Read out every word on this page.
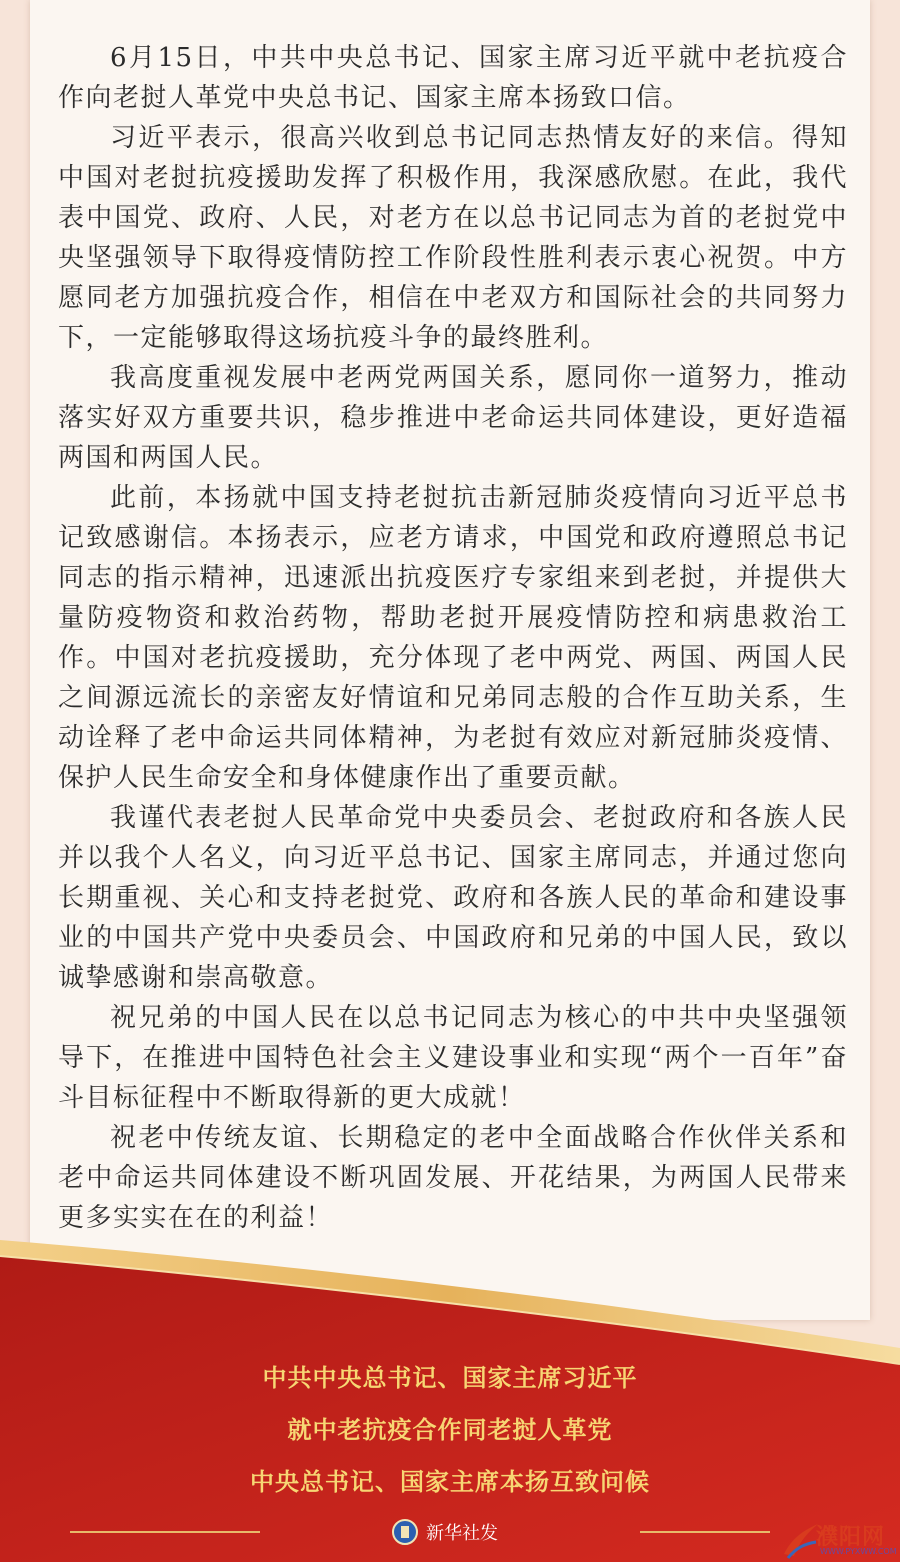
6月15日，中共中央总书记、国家主席习近平就中老抗疫合作向老挝人革党中央总书记、国家主席本扬致口信。

习近平表示，很高兴收到总书记同志热情友好的来信。得知中国对老挝抗疫援助发挥了积极作用，我深感欣慰。在此，我代表中国党、政府、人民，对老方在以总书记同志为首的老挝党中央坚强领导下取得疫情防控工作阶段性胜利表示衷心祝贺。中方愿同老方加强抗疫合作，相信在中老双方和国际社会的共同努力下，一定能够取得这场抗疫斗争的最终胜利。

我高度重视发展中老两党两国关系，愿同你一道努力，推动落实好双方重要共识，稳步推进中老命运共同体建设，更好造福两国和两国人民。

此前，本扬就中国支持老挝抗击新冠肺炎疫情向习近平总书记致感谢信。本扬表示，应老方请求，中国党和政府遵照总书记同志的指示精神，迅速派出抗疫医疗专家组来到老挝，并提供大量防疫物资和救治药物，帮助老挝开展疫情防控和病患救治工作。中国对老抗疫援助，充分体现了老中两党、两国、两国人民之间源远流长的亲密友好情谊和兄弟同志般的合作互助关系，生动诠释了老中命运共同体精神，为老挝有效应对新冠肺炎疫情、保护人民生命安全和身体健康作出了重要贡献。

我谨代表老挝人民革命党中央委员会、老挝政府和各族人民并以我个人名义，向习近平总书记、国家主席同志，并通过您向长期重视、关心和支持老挝党、政府和各族人民的革命和建设事业的中国共产党中央委员会、中国政府和兄弟的中国人民，致以诚挚感谢和崇高敬意。

祝兄弟的中国人民在以总书记同志为核心的中共中央坚强领导下，在推进中国特色社会主义建设事业和实现“两个一百年”奋斗目标征程中不断取得新的更大成就！

祝老中传统友谊、长期稳定的老中全面战略合作伙伴关系和老中命运共同体建设不断巩固发展、开花结果，为两国人民带来更多实实在在的利益！

中共中央总书记、国家主席习近平
就中老抗疫合作同老挝人革党
中央总书记、国家主席本扬互致问候
新华社发	濮阳网
WWW.PYXWW.COM
